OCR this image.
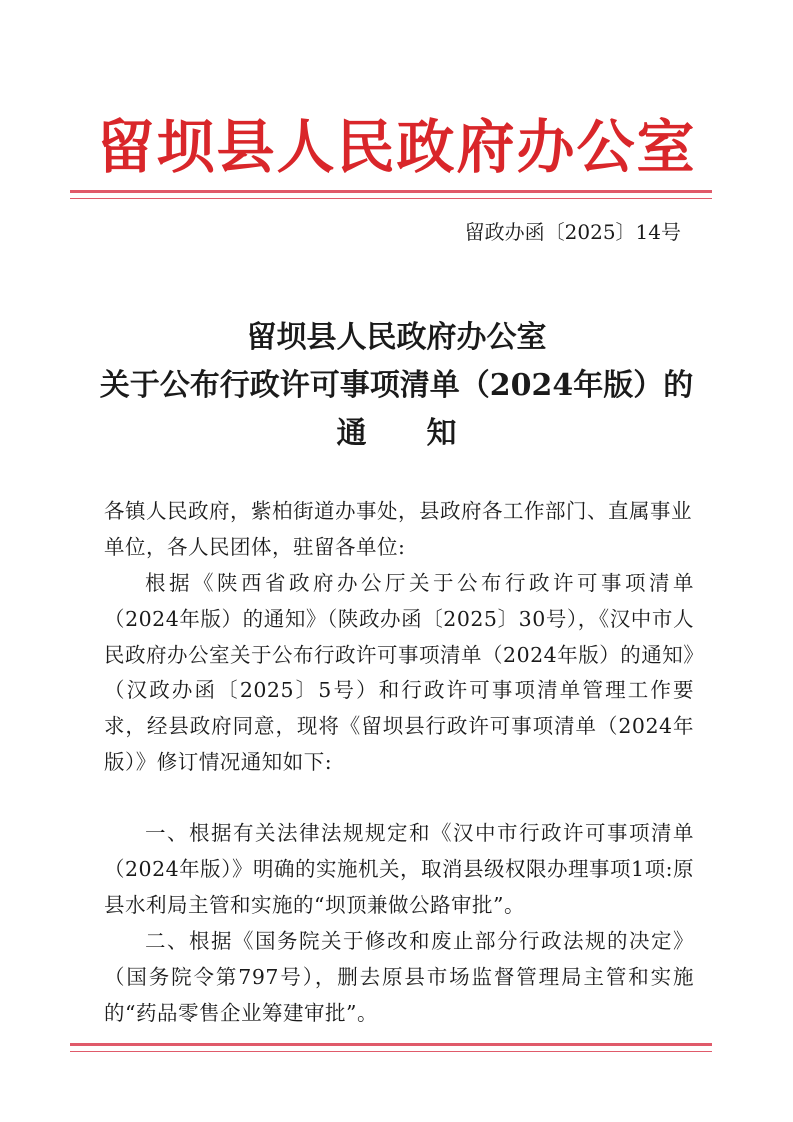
留坝县人民政府办公室
留政办函〔2025〕14号
留坝县人民政府办公室
关于公布行政许可事项清单（2024年版）的
通　　知
各镇人民政府，紫柏街道办事处，县政府各工作部门、直属事业单位，各人民团体，驻留各单位:
根据《陕西省政府办公厅关于公布行政许可事项清单（2024年版）的通知》（陕政办函〔2025〕30号），《汉中市人民政府办公室关于公布行政许可事项清单（2024年版）的通知》（汉政办函〔2025〕5号）和行政许可事项清单管理工作要求，经县政府同意，现将《留坝县行政许可事项清单（2024年版）》修订情况通知如下:
一、根据有关法律法规规定和《汉中市行政许可事项清单（2024年版）》明确的实施机关，取消县级权限办理事项1项:原县水利局主管和实施的“坝顶兼做公路审批”。
二、根据《国务院关于修改和废止部分行政法规的决定》（国务院令第797号），删去原县市场监督管理局主管和实施的“药品零售企业筹建审批”。
